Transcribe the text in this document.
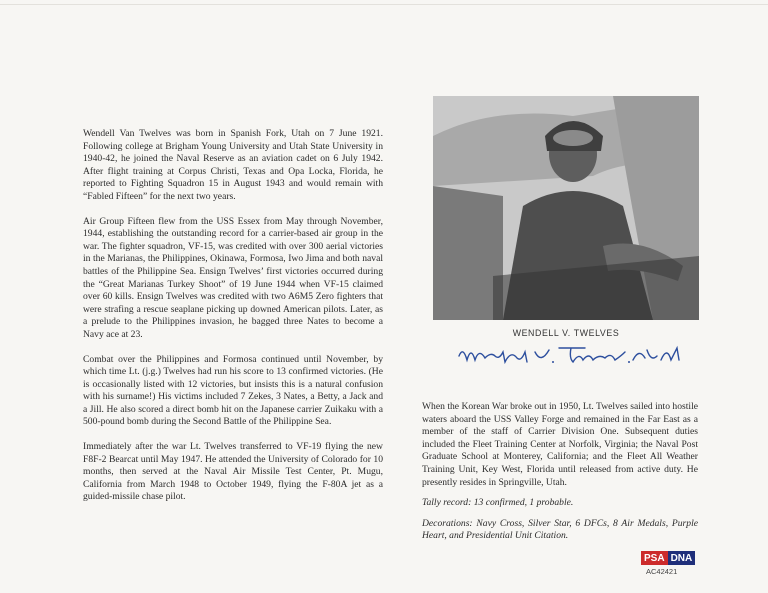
Wendell Van Twelves was born in Spanish Fork, Utah on 7 June 1921. Following college at Brigham Young University and Utah State University in 1940-42, he joined the Naval Reserve as an aviation cadet on 6 July 1942. After flight training at Corpus Christi, Texas and Opa Locka, Florida, he reported to Fighting Squadron 15 in August 1943 and would remain with “Fabled Fifteen” for the next two years.

Air Group Fifteen flew from the USS Essex from May through November, 1944, establishing the outstanding record for a carrier-based air group in the war. The fighter squadron, VF-15, was credited with over 300 aerial victories in the Marianas, the Philippines, Okinawa, Formosa, Iwo Jima and both naval battles of the Philippine Sea. Ensign Twelves’ first victories occurred during the “Great Marianas Turkey Shoot” of 19 June 1944 when VF-15 claimed over 60 kills. Ensign Twelves was credited with two A6M5 Zero fighters that were strafing a rescue seaplane picking up downed American pilots. Later, as a prelude to the Philippines invasion, he bagged three Nates to become a Navy ace at 23.

Combat over the Philippines and Formosa continued until November, by which time Lt. (j.g.) Twelves had run his score to 13 confirmed victories. (He is occasionally listed with 12 victories, but insists this is a natural confusion with his surname!) His victims included 7 Zekes, 3 Nates, a Betty, a Jack and a Jill. He also scored a direct bomb hit on the Japanese carrier Zuikaku with a 500-pound bomb during the Second Battle of the Philippine Sea.

Immediately after the war Lt. Twelves transferred to VF-19 flying the new F8F-2 Bearcat until May 1947. He attended the University of Colorado for 10 months, then served at the Naval Air Missile Test Center, Pt. Mugu, California from March 1948 to October 1949, flying the F-80A jet as a guided-missile chase pilot.

WENDELL V. TWELVES

When the Korean War broke out in 1950, Lt. Twelves sailed into hostile waters aboard the USS Valley Forge and remained in the Far East as a member of the staff of Carrier Division One. Subsequent duties included the Fleet Training Center at Norfolk, Virginia; the Naval Post Graduate School at Monterey, California; and the Fleet All Weather Training Unit, Key West, Florida until released from active duty. He presently resides in Springville, Utah.

Tally record: 13 confirmed, 1 probable.

Decorations: Navy Cross, Silver Star, 6 DFCs, 8 Air Medals, Purple Heart, and Presidential Unit Citation.

PSA DNA
AC42421
